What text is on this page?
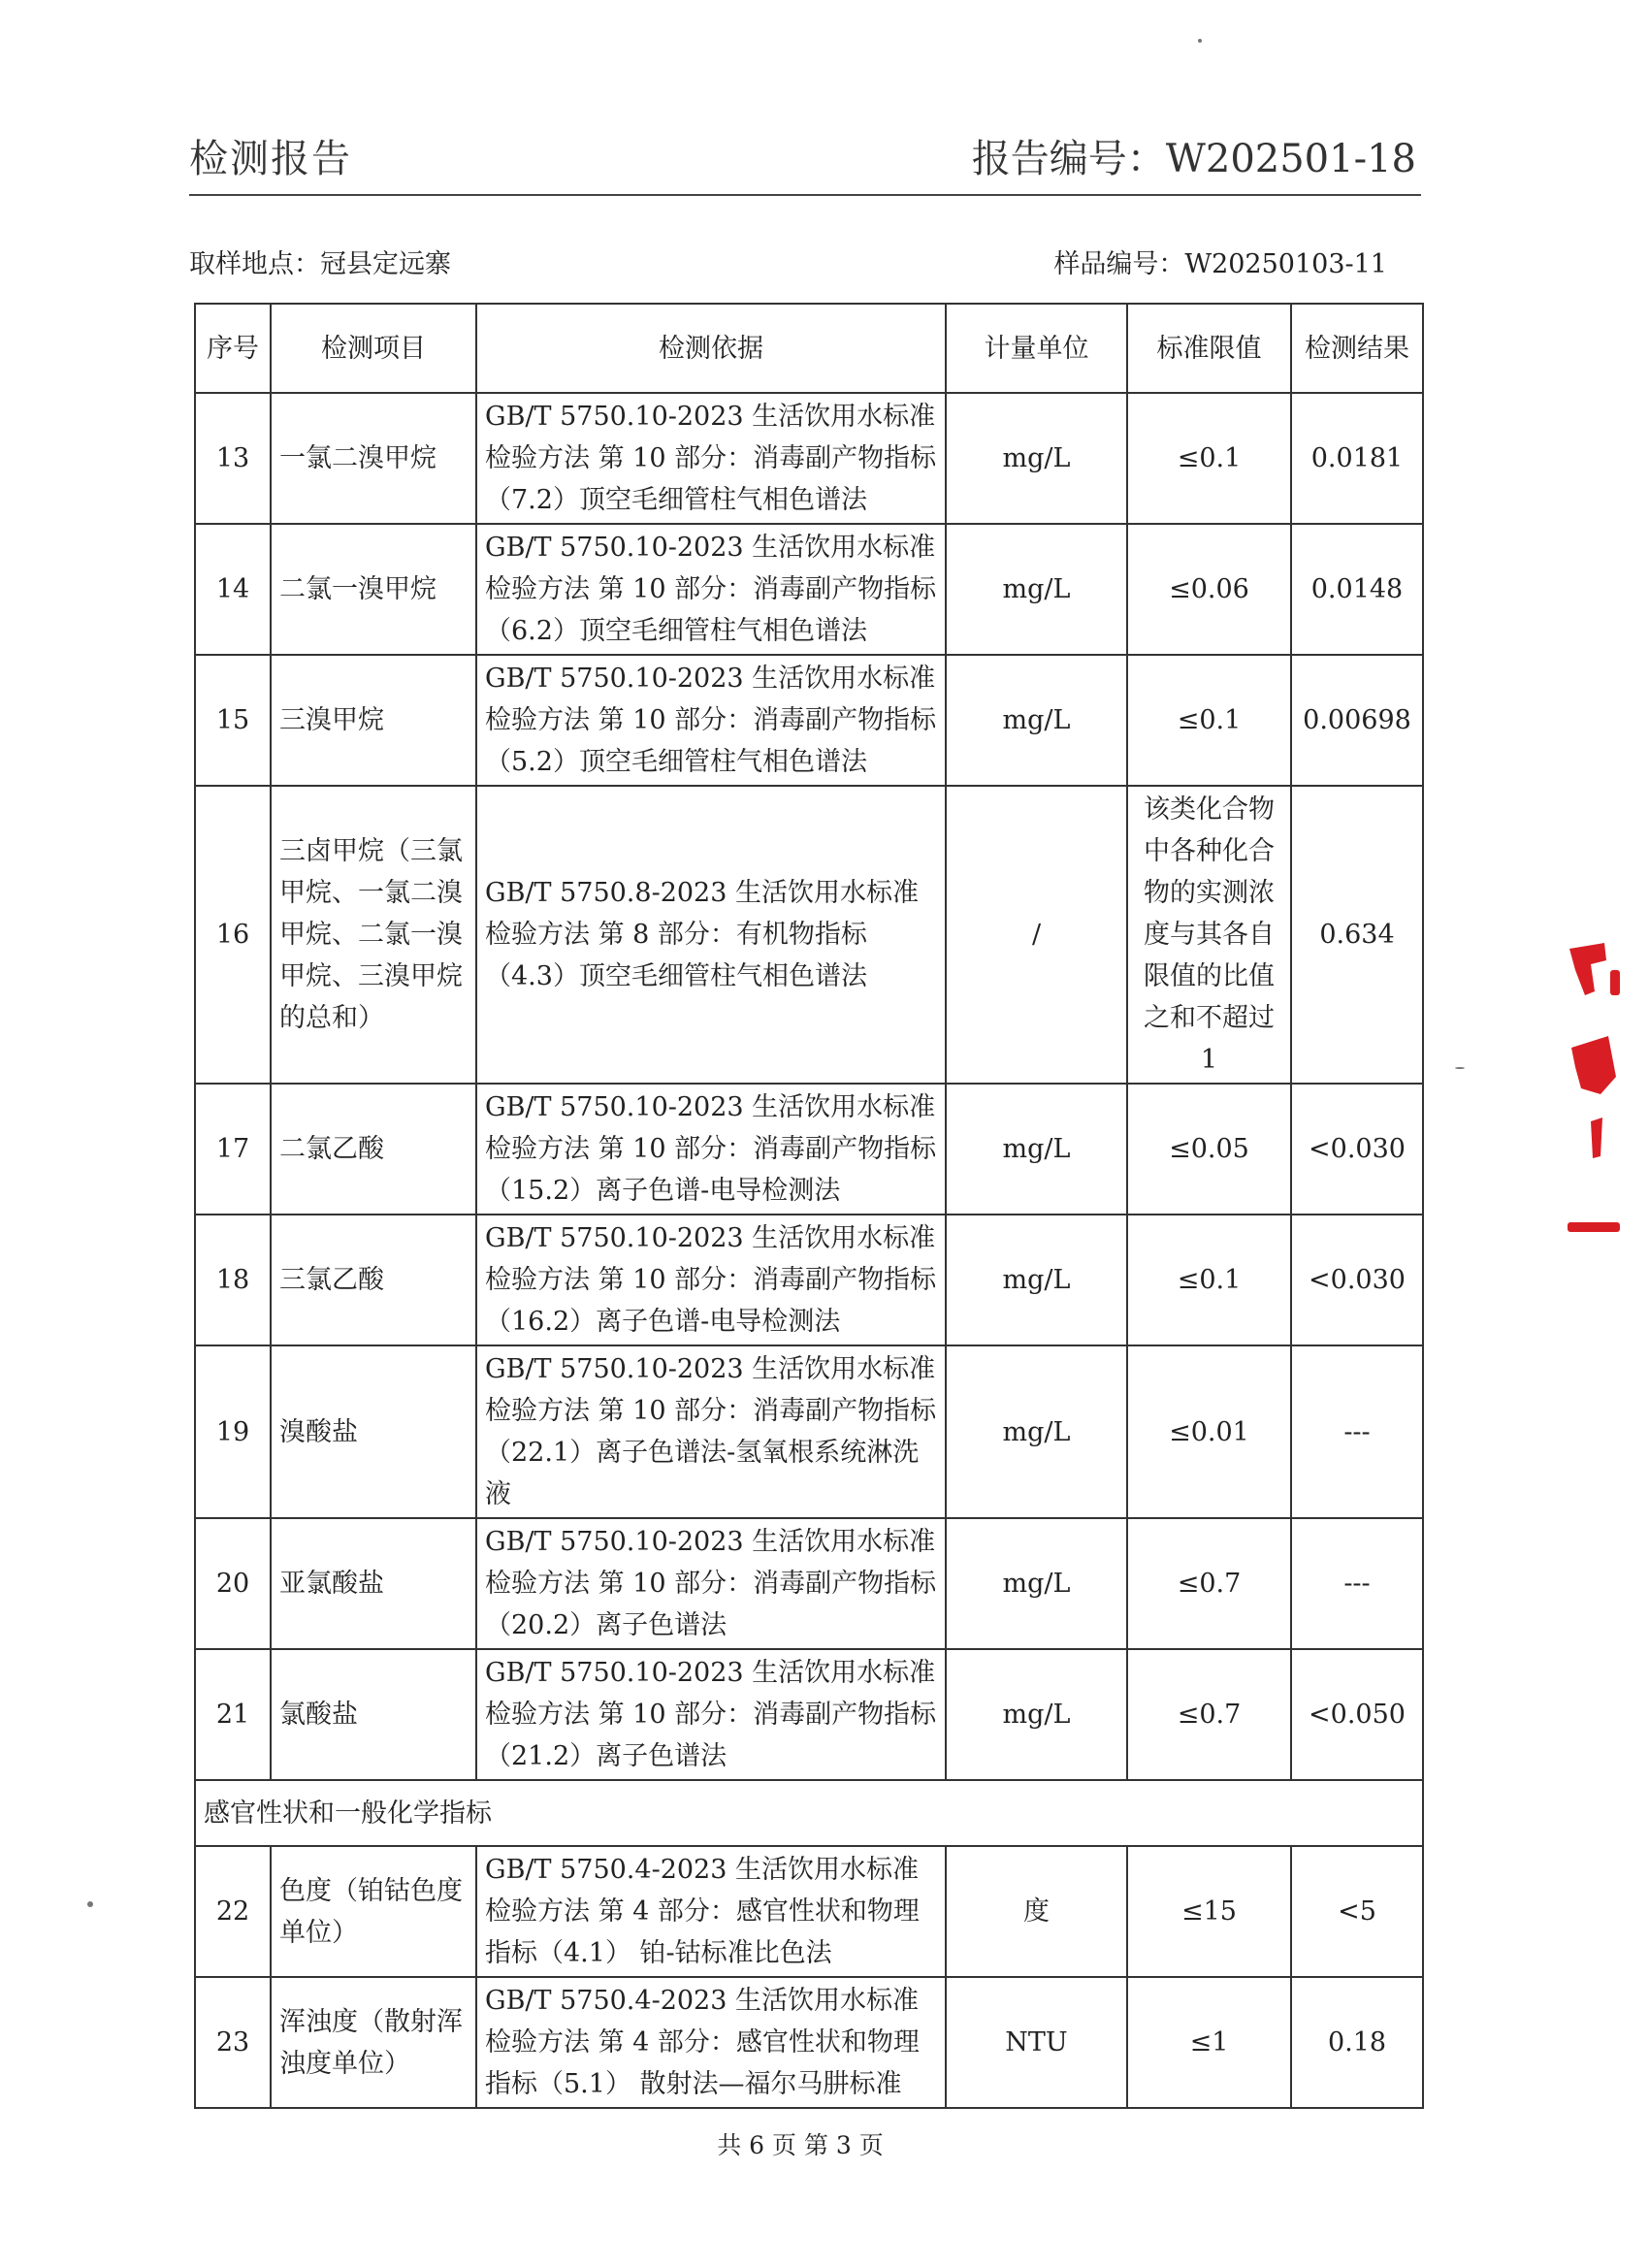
检测报告	报告编号：W202501-18
取样地点：冠县定远寨	样品编号：W20250103-11
序号	检测项目	检测依据	计量单位	标准限值	检测结果
13	一氯二溴甲烷	GB/T 5750.10-2023 生活饮用水标准检验方法 第 10 部分：消毒副产物指标（7.2）顶空毛细管柱气相色谱法	mg/L	≤0.1	0.0181
14	二氯一溴甲烷	GB/T 5750.10-2023 生活饮用水标准检验方法 第 10 部分：消毒副产物指标（6.2）顶空毛细管柱气相色谱法	mg/L	≤0.06	0.0148
15	三溴甲烷	GB/T 5750.10-2023 生活饮用水标准检验方法 第 10 部分：消毒副产物指标（5.2）顶空毛细管柱气相色谱法	mg/L	≤0.1	0.00698
16	三卤甲烷（三氯甲烷、一氯二溴甲烷、二氯一溴甲烷、三溴甲烷的总和）	GB/T 5750.8-2023 生活饮用水标准检验方法 第 8 部分：有机物指标（4.3）顶空毛细管柱气相色谱法	/	该类化合物中各种化合物的实测浓度与其各自限值的比值之和不超过1	0.634
17	二氯乙酸	GB/T 5750.10-2023 生活饮用水标准检验方法 第 10 部分：消毒副产物指标（15.2）离子色谱-电导检测法	mg/L	≤0.05	<0.030
18	三氯乙酸	GB/T 5750.10-2023 生活饮用水标准检验方法 第 10 部分：消毒副产物指标（16.2）离子色谱-电导检测法	mg/L	≤0.1	<0.030
19	溴酸盐	GB/T 5750.10-2023 生活饮用水标准检验方法 第 10 部分：消毒副产物指标（22.1）离子色谱法-氢氧根系统淋洗液	mg/L	≤0.01	---
20	亚氯酸盐	GB/T 5750.10-2023 生活饮用水标准检验方法 第 10 部分：消毒副产物指标（20.2）离子色谱法	mg/L	≤0.7	---
21	氯酸盐	GB/T 5750.10-2023 生活饮用水标准检验方法 第 10 部分：消毒副产物指标（21.2）离子色谱法	mg/L	≤0.7	<0.050
感官性状和一般化学指标					
22	色度（铂钴色度单位）	GB/T 5750.4-2023 生活饮用水标准检验方法 第 4 部分：感官性状和物理指标（4.1） 铂-钴标准比色法	度	≤15	<5
23	浑浊度（散射浑浊度单位）	GB/T 5750.4-2023 生活饮用水标准检验方法 第 4 部分：感官性状和物理指标（5.1） 散射法—福尔马肼标准	NTU	≤1	0.18
共 6 页 第 3 页
